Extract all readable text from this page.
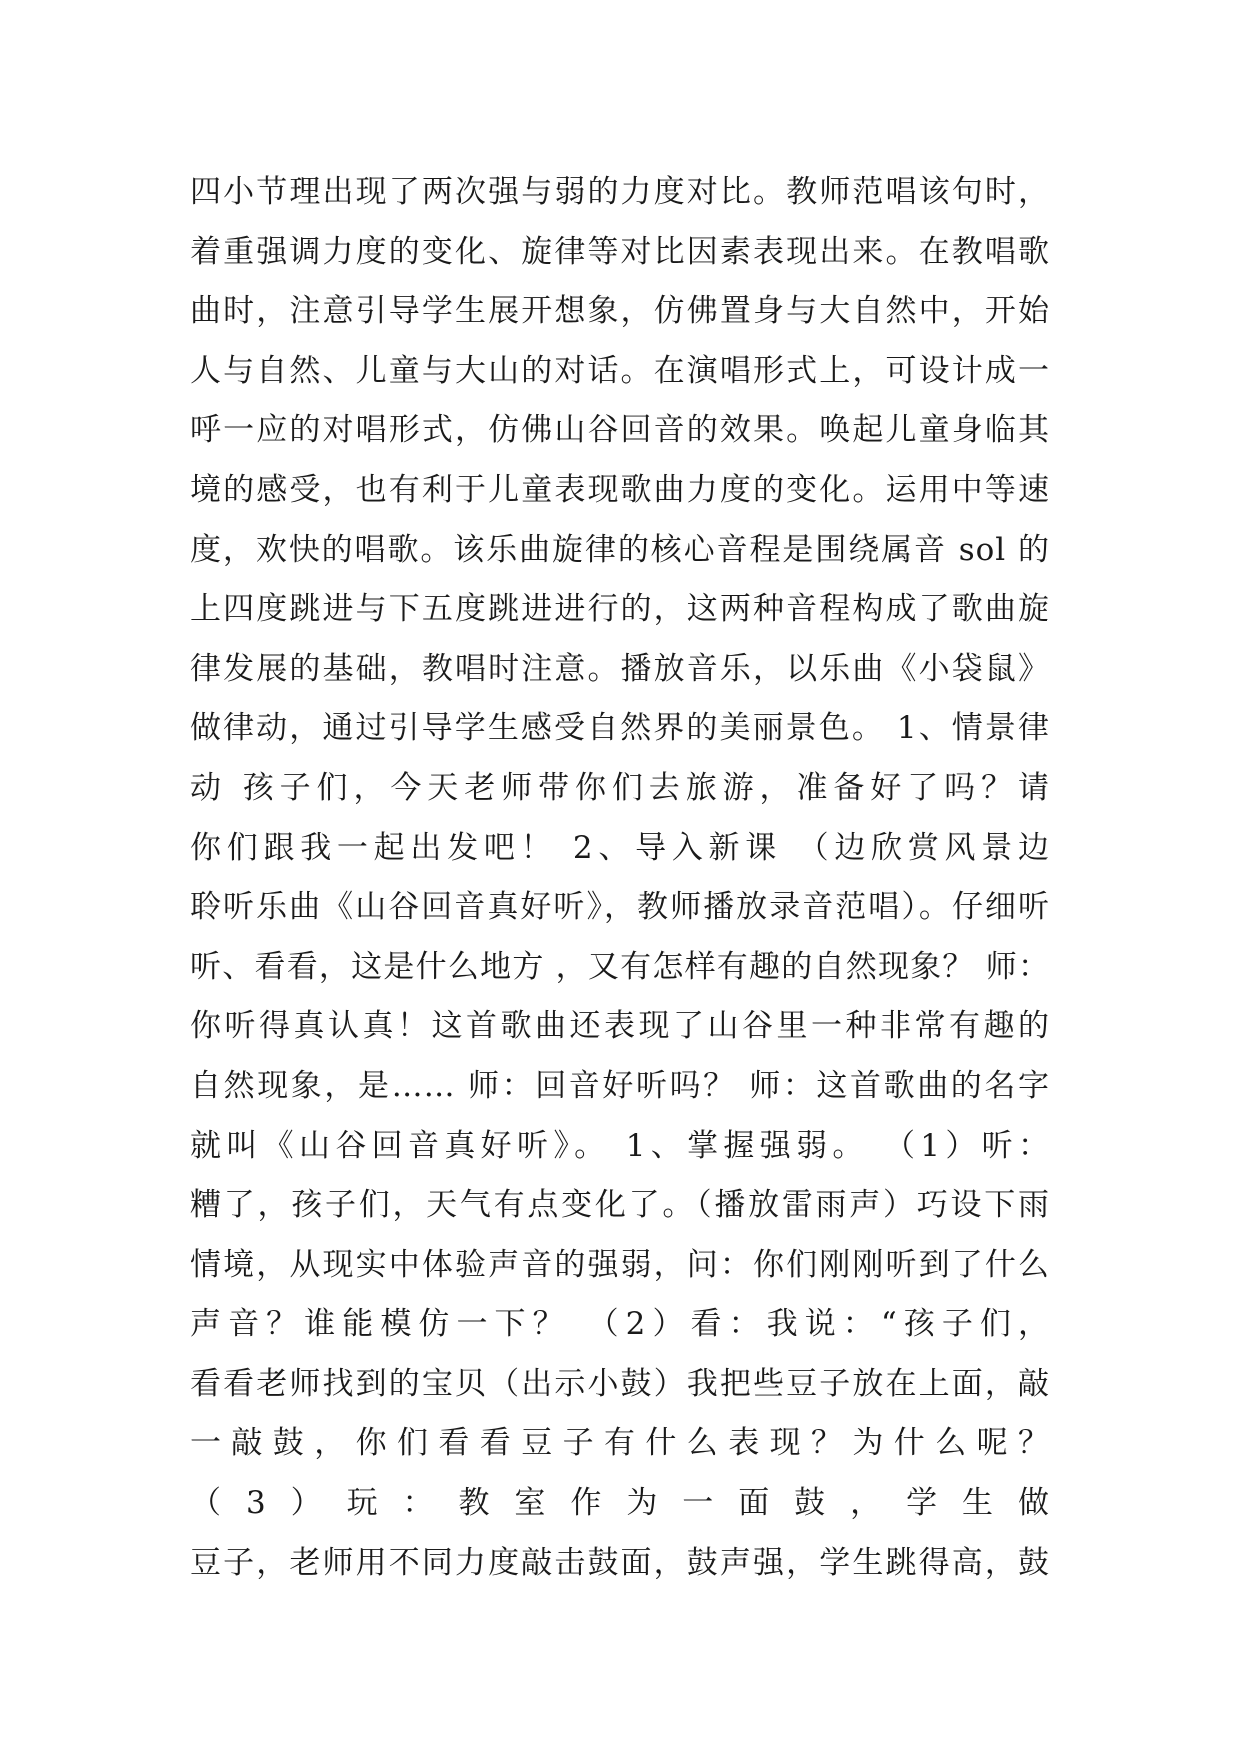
四小节理出现了两次强与弱的力度对比。教师范唱该句时，
着重强调力度的变化、旋律等对比因素表现出来。在教唱歌
曲时，注意引导学生展开想象，仿佛置身与大自然中，开始
人与自然、儿童与大山的对话。在演唱形式上，可设计成一
呼一应的对唱形式，仿佛山谷回音的效果。唤起儿童身临其
境的感受，也有利于儿童表现歌曲力度的变化。运用中等速
度，欢快的唱歌。该乐曲旋律的核心音程是围绕属音 sol 的
上四度跳进与下五度跳进进行的，这两种音程构成了歌曲旋
律发展的基础，教唱时注意。播放音乐，以乐曲《小袋鼠》
做律动，通过引导学生感受自然界的美丽景色。 1、情景律
动 孩子们，今天老师带你们去旅游，准备好了吗？请
你们跟我一起出发吧！ 2、导入新课 （边欣赏风景边
聆听乐曲《山谷回音真好听》，教师播放录音范唱）。仔细听
听、看看，这是什么地方 ，又有怎样有趣的自然现象？ 师：
你听得真认真！这首歌曲还表现了山谷里一种非常有趣的
自然现象，是…… 师：回音好听吗？ 师：这首歌曲的名字
就叫《山谷回音真好听》。 1、掌握强弱。 （1）听：
糟了，孩子们，天气有点变化了。（播放雷雨声）巧设下雨
情境，从现实中体验声音的强弱，问：你们刚刚听到了什么
声音？谁能模仿一下？ （2）看：我说：“孩子们，
看看老师找到的宝贝（出示小鼓）我把些豆子放在上面，敲
一敲鼓，你们看看豆子有什么表现？为什么呢？
（3）玩：教室作为一面鼓，学生做
豆子，老师用不同力度敲击鼓面，鼓声强，学生跳得高，鼓
